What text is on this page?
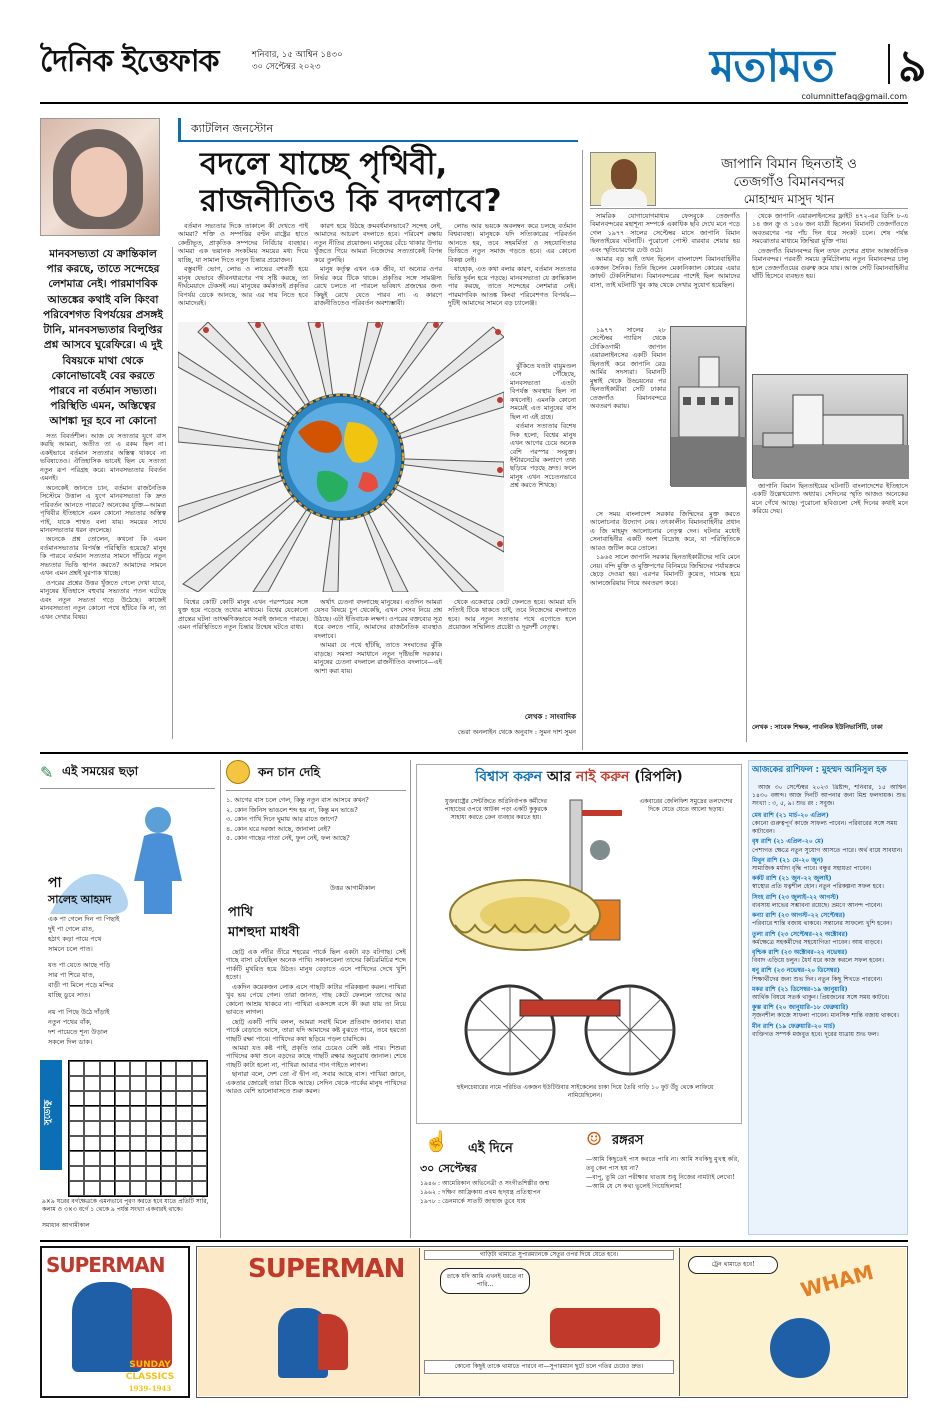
দৈনিক ইত্তেফাক	শনিবার, ১৫ আশ্বিন ১৪৩০
৩০ সেপ্টেম্বর ২০২৩	মতামত ৯
columnittefaq@gmail.com
ক্যাটলিন জনস্টোন
বদলে যাচ্ছে পৃথিবী, রাজনীতিও কি বদলাবে?
মানবসভ্যতা যে ক্রান্তিকাল পার করছে, তাতে সন্দেহের লেশমাত্র নেই। পারমাণবিক আতঙ্কের কথাই বলি কিংবা পরিবেশগত বিপর্যয়ের প্রসঙ্গই টানি, মানবসভ্যতার বিলুপ্তির প্রশ্ন আসবে ঘুরেফিরে। এ দুই বিষয়কে মাথা থেকে কোনোভাবেই বের করতে পারবে না বর্তমান সভ্যতা। পরিস্থিতি এমন, অস্তিত্বের আশঙ্কা দূর হবে না কোনো

সত্য বিবর্তশীল। আজ যে সত্যতার যুগে বাস করছি আমরা, অতীত তা এ রকম ছিল না। একইভাবে বর্তমান সত্যতার অস্তিত্ব থাকবে না ভবিষ্যতেও। ঐতিহাসিক ভাবেই ছিল যে সত্যতা নতুন রূপ পরিগ্রহ করে। মানবসভ্যতার বিবর্তন এমনই।

অনেকেই জানতে চান, বর্তমান রাজনৈতিক সিস্টেমে উত্তাল এ যুগে মানবসভ্যতা কি দ্রুত পরিবর্তন আনতে পারবে? অনেকের যুক্তি—আমরা পৃথিবীর ইতিহাসে এমন কোনো সভ্যতার অস্তিত্ব পাই, যাকে শাশ্বত বলা যায়। সময়ের সাথে মানবসভ্যতার ধরন বদলেছে।

অনেকে প্রশ্ন তোলেন, কখনো কি এমন বর্তমানসভ্যতার বিপর্যস্ত পরিস্থিতি হয়েছে? মানুষ কি পারবে বর্তমান সত্যতার সামনে দাঁড়িয়ে নতুন সভ্যতার ভিত্তি স্থাপন করতে? আমাদের সামনে এখন এমন প্রশ্নই ঘুরপাক খাচ্ছে।

ওপরের প্রশ্নের উত্তর খুঁজতে গেলে দেখা যাবে, মানুষের ইতিহাসে বহুবার সভ্যতার পতন ঘটেছে এবং নতুন সভ্যতা গড়ে উঠেছে। কাজেই মানবসভ্যতা নতুন কোনো পথে হাঁটবে কি না, তা এখন দেখার বিষয়।

বর্তমান সভ্যতার দিকে তাকালে কী দেখতে পাই আমরা? শক্তি ও সম্পত্তির বণ্টন রাষ্ট্রের হাতে কেন্দ্রীভূত, প্রাকৃতিক সম্পদের নির্বিচার ব্যবহার। আমরা এক ভয়ানক সংকটময় সময়ের মধ্য দিয়ে যাচ্ছি, যা সামাল দিতে নতুন চিন্তার প্রয়োজন।

বস্তুবাদী ভোগ, লোভ ও লাভের বশবর্তী হয়ে মানুষ যেভাবে জীবনধারণের পথ সৃষ্টি করছে, তা দীর্ঘমেয়াদে টেকসই নয়। মানুষের কর্মকাণ্ডই প্রকৃতির বিপর্যয় ডেকে আনছে, আর এর দায় নিতে হবে আমাদেরই।

কারণ হয়ে উঠছে ক্রমবর্ধমানভাবে? সন্দেহ নেই, আমাদের আচরণ বদলাতে হবে। পরিবেশ রক্ষায় নতুন নীতির প্রয়োজন। মানুষের বেঁচে থাকার উপায় খুঁজতে গিয়ে আমরা নিজেদের সত্যতাকেই বিপন্ন করে তুলছি।

মানুষ কর্তৃত্ব এখন এক জীব, যা অন্যের ওপর নির্ভর করে টিকে থাকে। প্রকৃতির সঙ্গে সামঞ্জস্য রেখে চলতে না পারলে ভবিষ্যৎ প্রজন্মের জন্য কিছুই রেখে যেতে পারব না। এ কারণে রাজনীতিতেও পরিবর্তন অবশ্যম্ভাবী।

লোভ আর ভয়কে অবলম্বন করে চলছে বর্তমান বিশ্বব্যবস্থা। মানুষকে যদি সত্যিকারের পরিবর্তন আনতে হয়, তবে সহমর্মিতা ও সহযোগিতার ভিত্তিতে নতুন সমাজ গড়তে হবে। এর কোনো বিকল্প নেই।

যাহোক, এত কথা বলার কারণ, বর্তমান সত্যতার ভিত্তি দুর্বল হয়ে পড়ছে। মানবসভ্যতা যে ক্রান্তিকাল পার করছে, তাতে সন্দেহের লেশমাত্র নেই। পারমাণবিক আতঙ্ক কিংবা পরিবেশগত বিপর্যয়—দুটিই আমাদের সামনে বড় চ্যালেঞ্জ।

ঝুঁকিতে যতটা বায়ুমণ্ডল এসে পৌঁছেছে, মানবসভ্যতা এতটা বিপর্যস্ত অবস্থায় ছিল না কখনোই। এমনকি কোনো সময়েই এত মানুষের বাস ছিল না এই গ্রহে।

বর্তমান সত্যতার বিশেষ দিক হলো, বিশ্বের মানুষ এখন আগের চেয়ে অনেক বেশি পরস্পর সংযুক্ত। ইন্টারনেটের কল্যাণে তথ্য ছড়িয়ে পড়ছে দ্রুত। ফলে মানুষ এখন সচেতনভাবে প্রশ্ন করতে শিখছে।

বিশ্বের কোটি কোটি মানুষ এখন পরস্পরের সঙ্গে যুক্ত হয়ে পড়েছে তথ্যের মাধ্যমে। বিশ্বের যেকোনো প্রান্তের ঘটনা তাৎক্ষণিকভাবে সবাই জানতে পারছে। এমন পরিস্থিতিতে নতুন চিন্তার উন্মেষ ঘটতে বাধ্য।

অর্থাৎ চেতনা বদলাচ্ছে মানুষের। এতদিন আমরা যেসব বিষয়ে চুপ থেকেছি, এখন সেসব নিয়ে প্রশ্ন উঠছে। এটা ইতিবাচক লক্ষণ। ওপরের বক্তব্যের সূত্র ধরে বলতে পারি, আমাদের রাজনৈতিক ব্যবস্থাও বদলাবে।

আমরা যে পথে হাঁটছি, তাতে সংঘাতের ঝুঁকি বাড়ছে। সমস্যা সমাধানে নতুন দৃষ্টিভঙ্গি দরকার। মানুষের চেতনা বদলালে রাজনীতিও বদলাবে—এই আশা করা যায়।

থেকে একেবারে কেটে ফেলতে হবে। আমরা যদি সত্যিই টিকে থাকতে চাই, তবে নিজেদের বদলাতে হবে। আর নতুন সত্যতার পথে এগোতে হলে প্রয়োজন সম্মিলিত প্রচেষ্টা ও দূরদর্শী নেতৃত্ব।

লেখক : সাংবাদিক
ভেরা অনলাইন থেকে অনুবাদ : সুমন দাশ সুমন
জাপানি বিমান ছিনতাই ও
তেজগাঁও বিমানবন্দর
মোহাম্মদ মাসুদ খান

সামরিক যোগাযোগমাধ্যম ফেসবুকে তেজগাঁও বিমানবন্দরের মহাশূন্য সম্পর্কে একাধিক ছবি দেখে মনে পড়ে গেল ১৯৭৭ সালের সেপ্টেম্বর মাসে জাপানি বিমান ছিনতাইয়ের ঘটনাটি। পুরোনো পোস্ট বারবার শেয়ার হয় এবং স্মৃতিচারণের ঢেউ ওঠে।

আমার বড় ভাই তখন ছিলেন বাংলাদেশ বিমানবাহিনীর একজন সৈনিক। তিনি ছিলেন মেকানিক্যাল কোরের এয়ার ক্রাফট টেকনিশিয়ান। বিমানবন্দরের পাশেই ছিল আমাদের বাসা, তাই ঘটনাটি খুব কাছ থেকে দেখার সুযোগ হয়েছিল।

১৯৭৭ সালের ২৮ সেপ্টেম্বর প্যারিস থেকে টোকিওগামী জাপান এয়ারলাইনসের একটি বিমান ছিনতাই করে জাপানি রেড আর্মির সদস্যরা। বিমানটি মুম্বাই থেকে উড্ডয়নের পর ছিনতাইকারীরা সেটি ঢাকার তেজগাঁও বিমানবন্দরে অবতরণ করায়।

সে সময় বাংলাদেশ সরকার জিম্মিদের মুক্ত করতে আলোচনার উদ্যোগ নেয়। তৎকালীন বিমানবাহিনীর প্রধান এ জি মাহমুদ আলোচনার নেতৃত্ব দেন। ঘটনার মধ্যেই সেনাবাহিনীর একটি অংশ বিদ্রোহ করে, যা পরিস্থিতিকে আরও জটিল করে তোলে।

১৯৬৫ সালে জাপানি সরকার ছিনতাইকারীদের দাবি মেনে নেয়। বন্দি মুক্তি ও মুক্তিপণের বিনিময়ে জিম্মিদের পর্যায়ক্রমে ছেড়ে দেওয়া হয়। এরপর বিমানটি কুয়েত, দামেস্ক হয়ে আলজেরিয়ায় গিয়ে অবতরণ করে।

থেকে জাপানি এয়ারলাইনসের ফ্লাইট ৪৭২-এর ডিসি ৮-এ ১৪ জন ক্রু ও ১৫৬ জন যাত্রী ছিলেন। বিমানটি তেজগাঁওতে অবতরণের পর পাঁচ দিন ধরে সংকট চলে। শেষ পর্যন্ত সমঝোতার মাধ্যমে জিম্মিরা মুক্তি পায়।

তেজগাঁও বিমানবন্দর ছিল তখন দেশের প্রধান আন্তর্জাতিক বিমানবন্দর। পরবর্তী সময়ে কুর্মিটোলায় নতুন বিমানবন্দর চালু হলে তেজগাঁওয়ের গুরুত্ব কমে যায়। আজ সেটি বিমানবাহিনীর ঘাঁটি হিসেবে ব্যবহৃত হয়।

জাপানি বিমান ছিনতাইয়ের ঘটনাটি বাংলাদেশের ইতিহাসে একটি উল্লেখযোগ্য অধ্যায়। সেদিনের স্মৃতি আজও অনেকের মনে গেঁথে আছে। পুরোনো ছবিগুলো সেই দিনের কথাই মনে করিয়ে দেয়।

লেখক : সাবেক শিক্ষক, পাবলিক ইউনিভার্সিটি, ঢাকা
✎ এই সময়ের ছড়া
পা
সালেহ আহমদ
এক পা গেলে দিন পা পিছাই
দুই পা গেলে রাত,
হঠাৎ কড়া পায়ে পথে
সামনে চলে পাত।
যত পা যেতে আছে পড়ি
সার পা শিরে যাত,
বাড়ী পা মিলে পড়ে মন্দির
যাচ্ছি ডুবে সাত।
নয় পা পিছে উঠে দাঁড়াই
নতুন পথের বাঁক,
দশ পায়েতে শূন্য উড়াল
সকলে দিল ডাক।
সুডোকু
৯×৯ ঘরের বর্গক্ষেত্রকে এমনভাবে পূরণ করতে হবে যাতে প্রতিটি সারি, কলাম ও ৩×৩ বর্গে ১ থেকে ৯ পর্যন্ত সংখ্যা একবারই থাকে।
সমাধান আগামীকাল
কন চান দেহি
১. আগের বাস চলে গেল, কিন্তু নতুন বাস আসবে কখন?
২. কোন জিনিস ভাঙলে শব্দ হয় না, কিন্তু মন ভাঙে?
৩. কোন পাখি দিনে ঘুমায় আর রাতে জাগে?
৪. কোন ঘরে দরজা আছে, জানালা নেই?
৫. কোন গাছের পাতা নেই, ফুল নেই, ফল আছে?
উত্তর আগামীকাল
পাখি
মাশহুদা মাধবী

ছোট্ট এক নদীর তীরে শহরের পার্কে ছিল একটা বড় বটগাছ। সেই গাছে বাসা বেঁধেছিল অনেক পাখি। সকালবেলা তাদের কিচিরমিচির শব্দে পার্কটি মুখরিত হয়ে উঠত। মানুষ বেড়াতে এসে পাখিদের দেখে খুশি হতো।

একদিন কয়েকজন লোক এসে গাছটি কাটার পরিকল্পনা করল। পাখিরা খুব ভয় পেয়ে গেল। তারা জানত, গাছ কেটে ফেললে তাদের আর কোনো আশ্রয় থাকবে না। পাখিরা একসঙ্গে বসে কী করা যায় তা নিয়ে ভাবতে লাগল।

ছোট্ট একটি পাখি বলল, আমরা সবাই মিলে প্রতিবাদ জানাব। যারা পার্কে বেড়াতে আসে, তারা যদি আমাদের কষ্ট বুঝতে পারে, তবে হয়তো গাছটি রক্ষা পাবে। পাখিদের কথা ছড়িয়ে পড়ল চারদিকে।

আমরা যত কষ্ট পাই, প্রকৃতি তার চেয়েও বেশি কষ্ট পায়। শিশুরা পাখিদের কথা শুনে বড়দের কাছে গাছটি রক্ষার অনুরোধ জানাল। শেষে গাছটি কাটা হলো না, পাখিরা আবার গান গাইতে লাগল।

ছানারা বলে, দেশ তো ঐ দ্বীপ না, সবার আছে বাস। পাখিরা জানে, একতার জোরেই তারা টিকে আছে। সেদিন থেকে পার্কের মানুষ পাখিদের আরও বেশি ভালোবাসতে শুরু করল।

বিশ্বাস করুন আর নাই করুন (রিপলি)
যুক্তরাষ্ট্রের সেন্টজিতে অগ্নিনির্বাপক কর্মীদের পাহাড়ের ওপরে আটকা পড়া একটি কুকুরকে সাহায্য করতে ক্রেন ব্যবহার করতে হয়।
একবারের জেলিফিশ সমুদ্রের তলদেশের দিকে যেতে যেতে আলো ছড়ায়।
হুইলচেয়ারের নামে পরিচিত একজন ইউটিউবার সাইকেলের চাকা দিয়ে তৈরি গাড়ি ১০ ফুট উঁচু থেকে লাফিয়ে নামিয়েছিলেন।
☝ এই দিনে
৩০ সেপ্টেম্বর
১৯৪৬ : আমেরিকান অভিনেত্রী ও সংগীতশিল্পীর জন্ম
১৯৬২ : দক্ষিণ আফ্রিকায় প্রথম হৃদ্‌যন্ত্র প্রতিস্থাপন
১৯৭৮ : ডেনমার্কে সাতটি জাহাজ ডুবে যায়
☺ রঙ্গরস
—আমি কিছুতেই পাস করতে পারি না। আমি সবকিছু মুখস্থ করি, তবু কেন পাস হয় না?
—বাপু, তুমি তো পরীক্ষার খাতায় শুধু নিজের নামটাই লেখো!
—আমি যে সে কথা ভুলেই গিয়েছিলাম!
আজকের রাশিফল : মুহম্মদ আনিসুল হক

আজ ৩০ সেপ্টেম্বর ২০২৩ খ্রিষ্টাব্দ, শনিবার, ১৫ আশ্বিন ১৪৩০ বঙ্গাব্দ। আজ দিনটি আপনার জন্য মিশ্র ফলদায়ক। শুভ সংখ্যা : ৩, ৫, ৯। শুভ রং : সবুজ।

মেষ রাশি (২১ মার্চ–২০ এপ্রিল)
কোনো গুরুত্বপূর্ণ কাজে সাফল্য পাবেন। পরিবারের সঙ্গে সময় কাটাবেন।
বৃষ রাশি (২১ এপ্রিল–২০ মে)
পেশাগত ক্ষেত্রে নতুন সুযোগ আসতে পারে। অর্থ ব্যয়ে সাবধান।
মিথুন রাশি (২১ মে–২০ জুন)
সামাজিক মর্যাদা বৃদ্ধি পাবে। বন্ধুর সহায়তা পাবেন।
কর্কট রাশি (২১ জুন–২২ জুলাই)
স্বাস্থ্যের প্রতি যত্নশীল হোন। নতুন পরিকল্পনা সফল হবে।
সিংহ রাশি (২৩ জুলাই–২২ আগস্ট)
ব্যবসায় লাভের সম্ভাবনা রয়েছে। ভ্রমণে আনন্দ পাবেন।
কন্যা রাশি (২৩ আগস্ট–২২ সেপ্টেম্বর)
পরিবারে শান্তি বজায় থাকবে। সন্তানের সাফল্যে খুশি হবেন।
তুলা রাশি (২৩ সেপ্টেম্বর–২২ অক্টোবর)
কর্মক্ষেত্রে সহকর্মীদের সহযোগিতা পাবেন। আয় বাড়বে।
বৃশ্চিক রাশি (২৩ অক্টোবর–২২ নভেম্বর)
বিবাদ এড়িয়ে চলুন। ধৈর্য ধরে কাজ করলে সফল হবেন।
ধনু রাশি (২৩ নভেম্বর–২০ ডিসেম্বর)
শিক্ষার্থীদের জন্য শুভ দিন। নতুন কিছু শিখতে পারবেন।
মকর রাশি (২১ ডিসেম্বর–১৯ জানুয়ারি)
আর্থিক বিষয়ে সতর্ক থাকুন। প্রিয়জনের সঙ্গে সময় কাটবে।
কুম্ভ রাশি (২০ জানুয়ারি–১৮ ফেব্রুয়ারি)
সৃজনশীল কাজে সাফল্য পাবেন। মানসিক শান্তি বজায় থাকবে।
মীন রাশি (১৯ ফেব্রুয়ারি–২০ মার্চ)
ব্যক্তিগত সম্পর্ক মজবুত হবে। দূরের যাত্রায় শুভ ফল।
SUPERMAN
SUNDAY CLASSICS
1939–1943
SUPERMAN	গাড়িটা থামাতে সুপারম্যানকে সেতুর ওপর দিয়ে যেতে হবে।
তাকে যদি আমি এখনই ধরতে না পারি...
কোনো কিছুই তাকে থামাতে পারবে না—সুপারম্যান ছুটে চলে গতির চেয়েও দ্রুত।
ট্রেন থামাতে হবে!	WHAM
